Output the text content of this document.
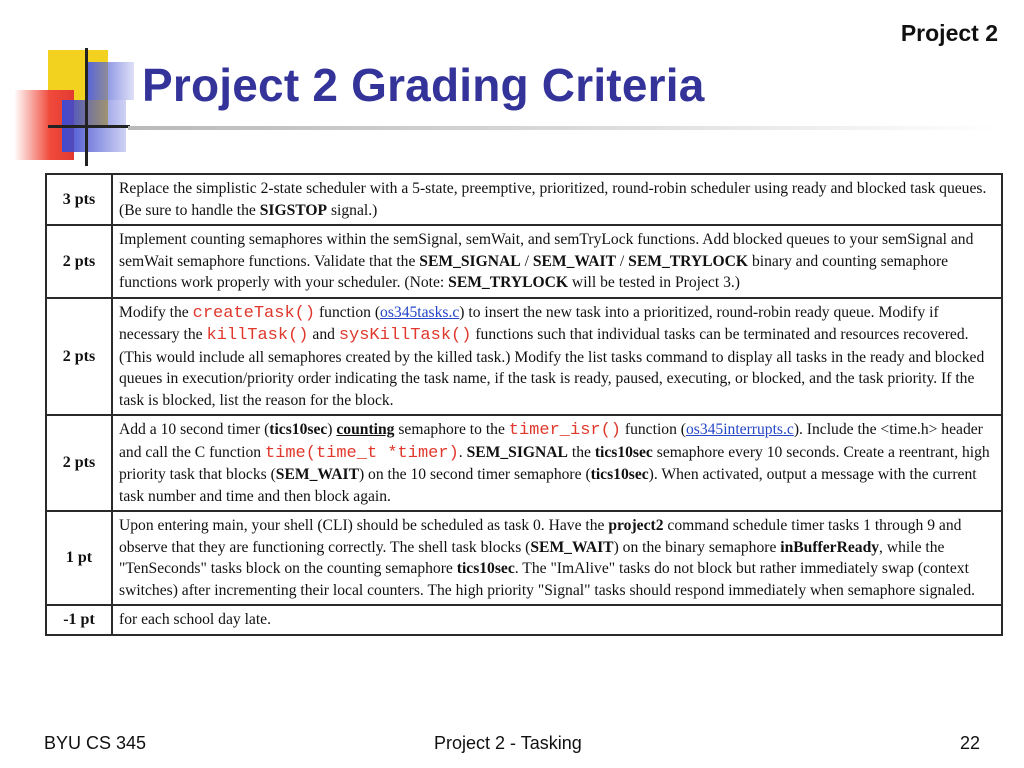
Project 2
Project 2 Grading Criteria
3 pts	Replace the simplistic 2-state scheduler with a 5-state, preemptive, prioritized, round-robin scheduler using ready and blocked task queues. (Be sure to handle the SIGSTOP signal.)
2 pts	Implement counting semaphores within the semSignal, semWait, and semTryLock functions. Add blocked queues to your semSignal and semWait semaphore functions. Validate that the SEM_SIGNAL / SEM_WAIT / SEM_TRYLOCK binary and counting semaphore functions work properly with your scheduler. (Note: SEM_TRYLOCK will be tested in Project 3.)
2 pts	Modify the createTask() function (os345tasks.c) to insert the new task into a prioritized, round-robin ready queue. Modify if necessary the killTask() and sysKillTask() functions such that individual tasks can be terminated and resources recovered. (This would include all semaphores created by the killed task.) Modify the list tasks command to display all tasks in the ready and blocked queues in execution/priority order indicating the task name, if the task is ready, paused, executing, or blocked, and the task priority. If the task is blocked, list the reason for the block.
2 pts	Add a 10 second timer (tics10sec) counting semaphore to the timer_isr() function (os345interrupts.c). Include the <time.h> header and call the C function time(time_t *timer). SEM_SIGNAL the tics10sec semaphore every 10 seconds. Create a reentrant, high priority task that blocks (SEM_WAIT) on the 10 second timer semaphore (tics10sec). When activated, output a message with the current task number and time and then block again.
1 pt	Upon entering main, your shell (CLI) should be scheduled as task 0. Have the project2 command schedule timer tasks 1 through 9 and observe that they are functioning correctly. The shell task blocks (SEM_WAIT) on the binary semaphore inBufferReady, while the "TenSeconds" tasks block on the counting semaphore tics10sec. The "ImAlive" tasks do not block but rather immediately swap (context switches) after incrementing their local counters. The high priority "Signal" tasks should respond immediately when semaphore signaled.
-1 pt	for each school day late.
BYU CS 345	Project 2 - Tasking	22
